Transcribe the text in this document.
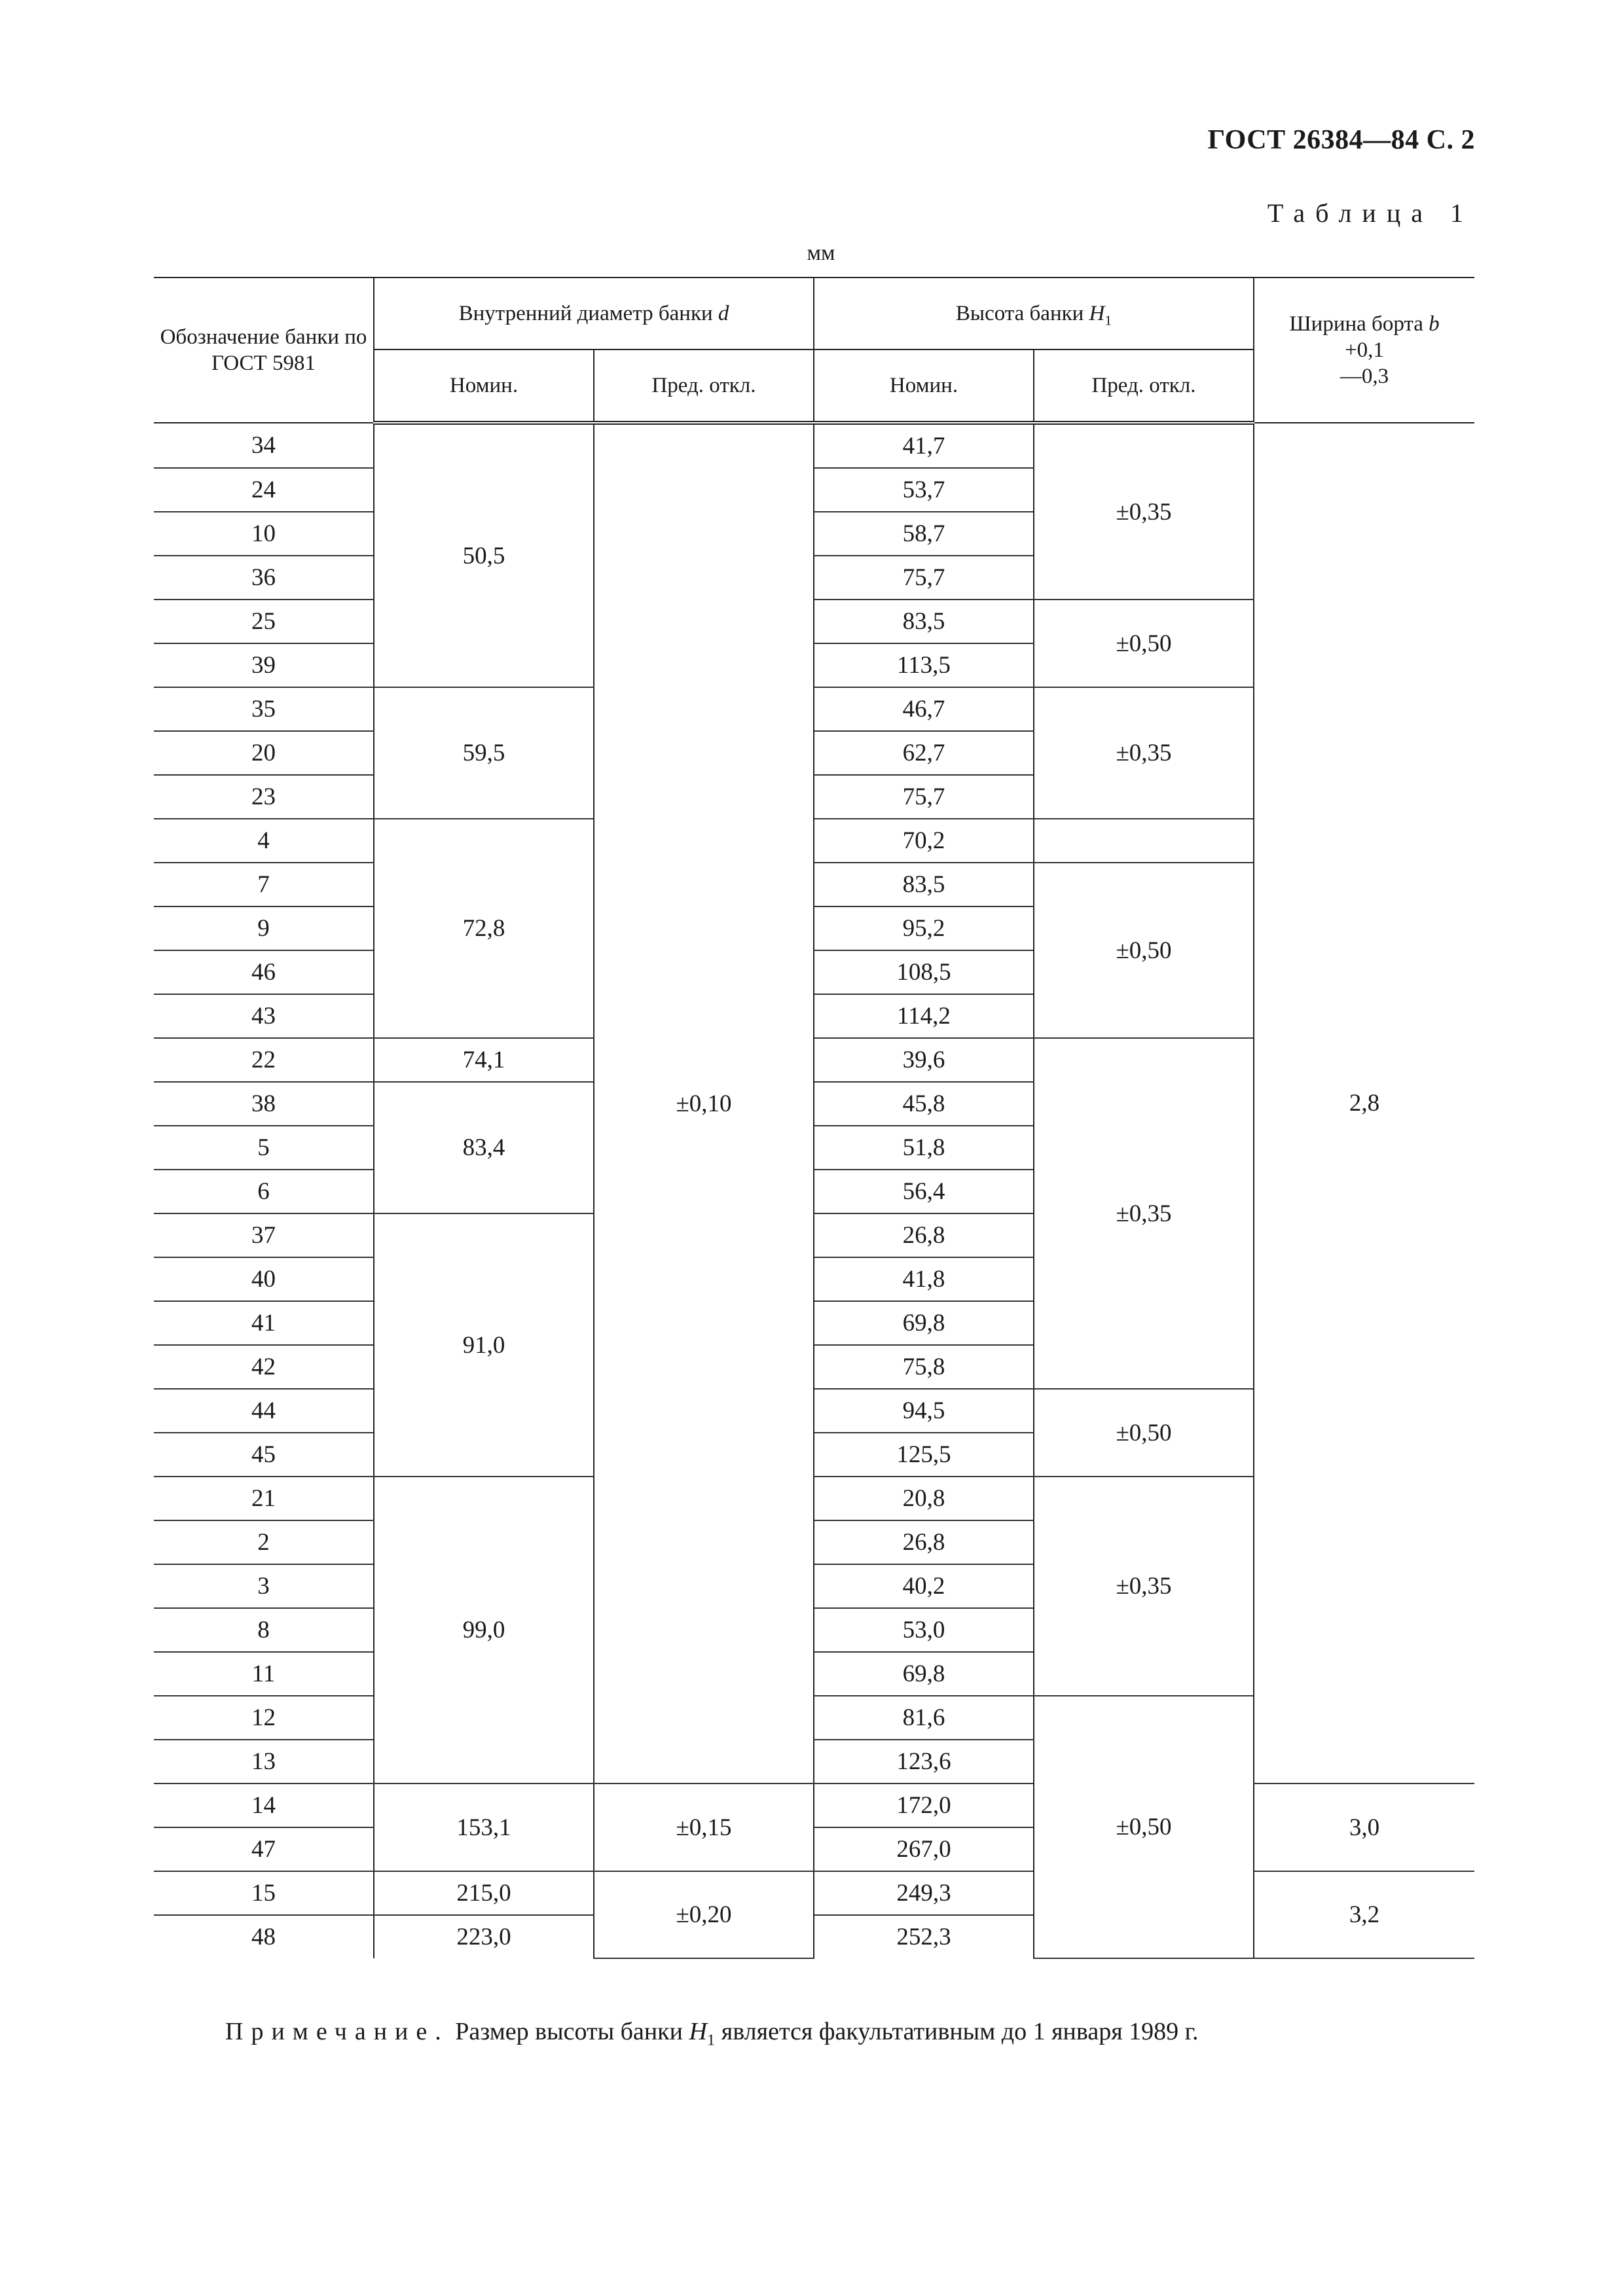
ГОСТ 26384—84 С. 2
Таблица 1
мм
Обозначение банки по ГОСТ 5981	Внутренний диаметр банки d		Высота банки $H_1$		Ширина борта b
+0,1
—0,3
	Номин.	Пред. откл.	Номин.	Пред. откл.	
34	50,5	±0,10	41,7	±0,35	2,8
24			53,7		
10			58,7		
36			75,7		
25			83,5	±0,50	
39			113,5		
35	59,5		46,7	±0,35	
20			62,7		
23			75,7		
4	72,8		70,2		
7			83,5	±0,50	
9			95,2		
46			108,5		
43			114,2		
22	74,1		39,6	±0,35	
38	83,4		45,8		
5			51,8		
6			56,4		
37	91,0		26,8		
40			41,8		
41			69,8		
42			75,8		
44			94,5	±0,50	
45			125,5		
21	99,0		20,8	±0,35	
2			26,8		
3			40,2		
8			53,0		
11			69,8		
12			81,6	±0,50	
13			123,6		
14	153,1	±0,15	172,0		3,0
47			267,0		
15	215,0	±0,20	249,3		3,2
48	223,0		252,3		
Примечание. Размер высоты банки $H_1$ является факультативным до 1 января 1989 г.
